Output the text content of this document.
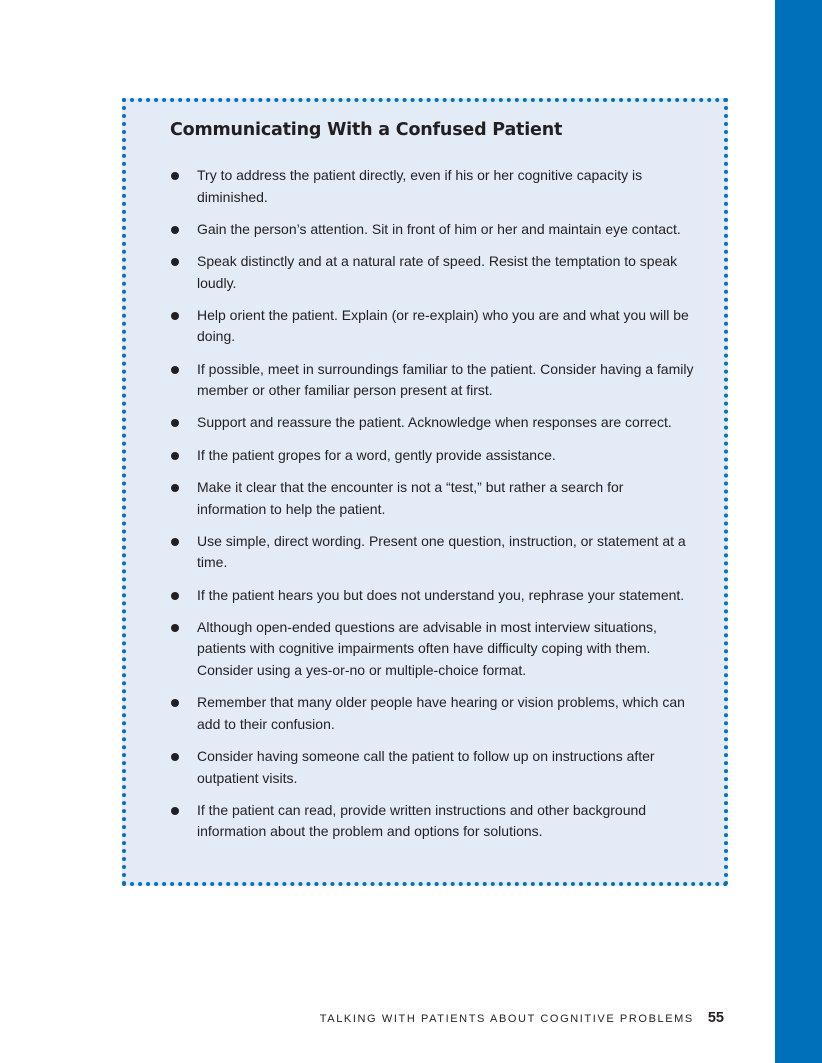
Communicating With a Confused Patient
Try to address the patient directly, even if his or her cognitive capacity is diminished.
Gain the person’s attention. Sit in front of him or her and maintain eye contact.
Speak distinctly and at a natural rate of speed. Resist the temptation to speak loudly.
Help orient the patient. Explain (or re-explain) who you are and what you will be doing.
If possible, meet in surroundings familiar to the patient. Consider having a family member or other familiar person present at first.
Support and reassure the patient. Acknowledge when responses are correct.
If the patient gropes for a word, gently provide assistance.
Make it clear that the encounter is not a “test,” but rather a search for information to help the patient.
Use simple, direct wording. Present one question, instruction, or statement at a time.
If the patient hears you but does not understand you, rephrase your statement.
Although open-ended questions are advisable in most interview situations, patients with cognitive impairments often have difficulty coping with them. Consider using a yes-or-no or multiple-choice format.
Remember that many older people have hearing or vision problems, which can add to their confusion.
Consider having someone call the patient to follow up on instructions after outpatient visits.
If the patient can read, provide written instructions and other background information about the problem and options for solutions.
TALKING WITH PATIENTS ABOUT COGNITIVE PROBLEMS 55
